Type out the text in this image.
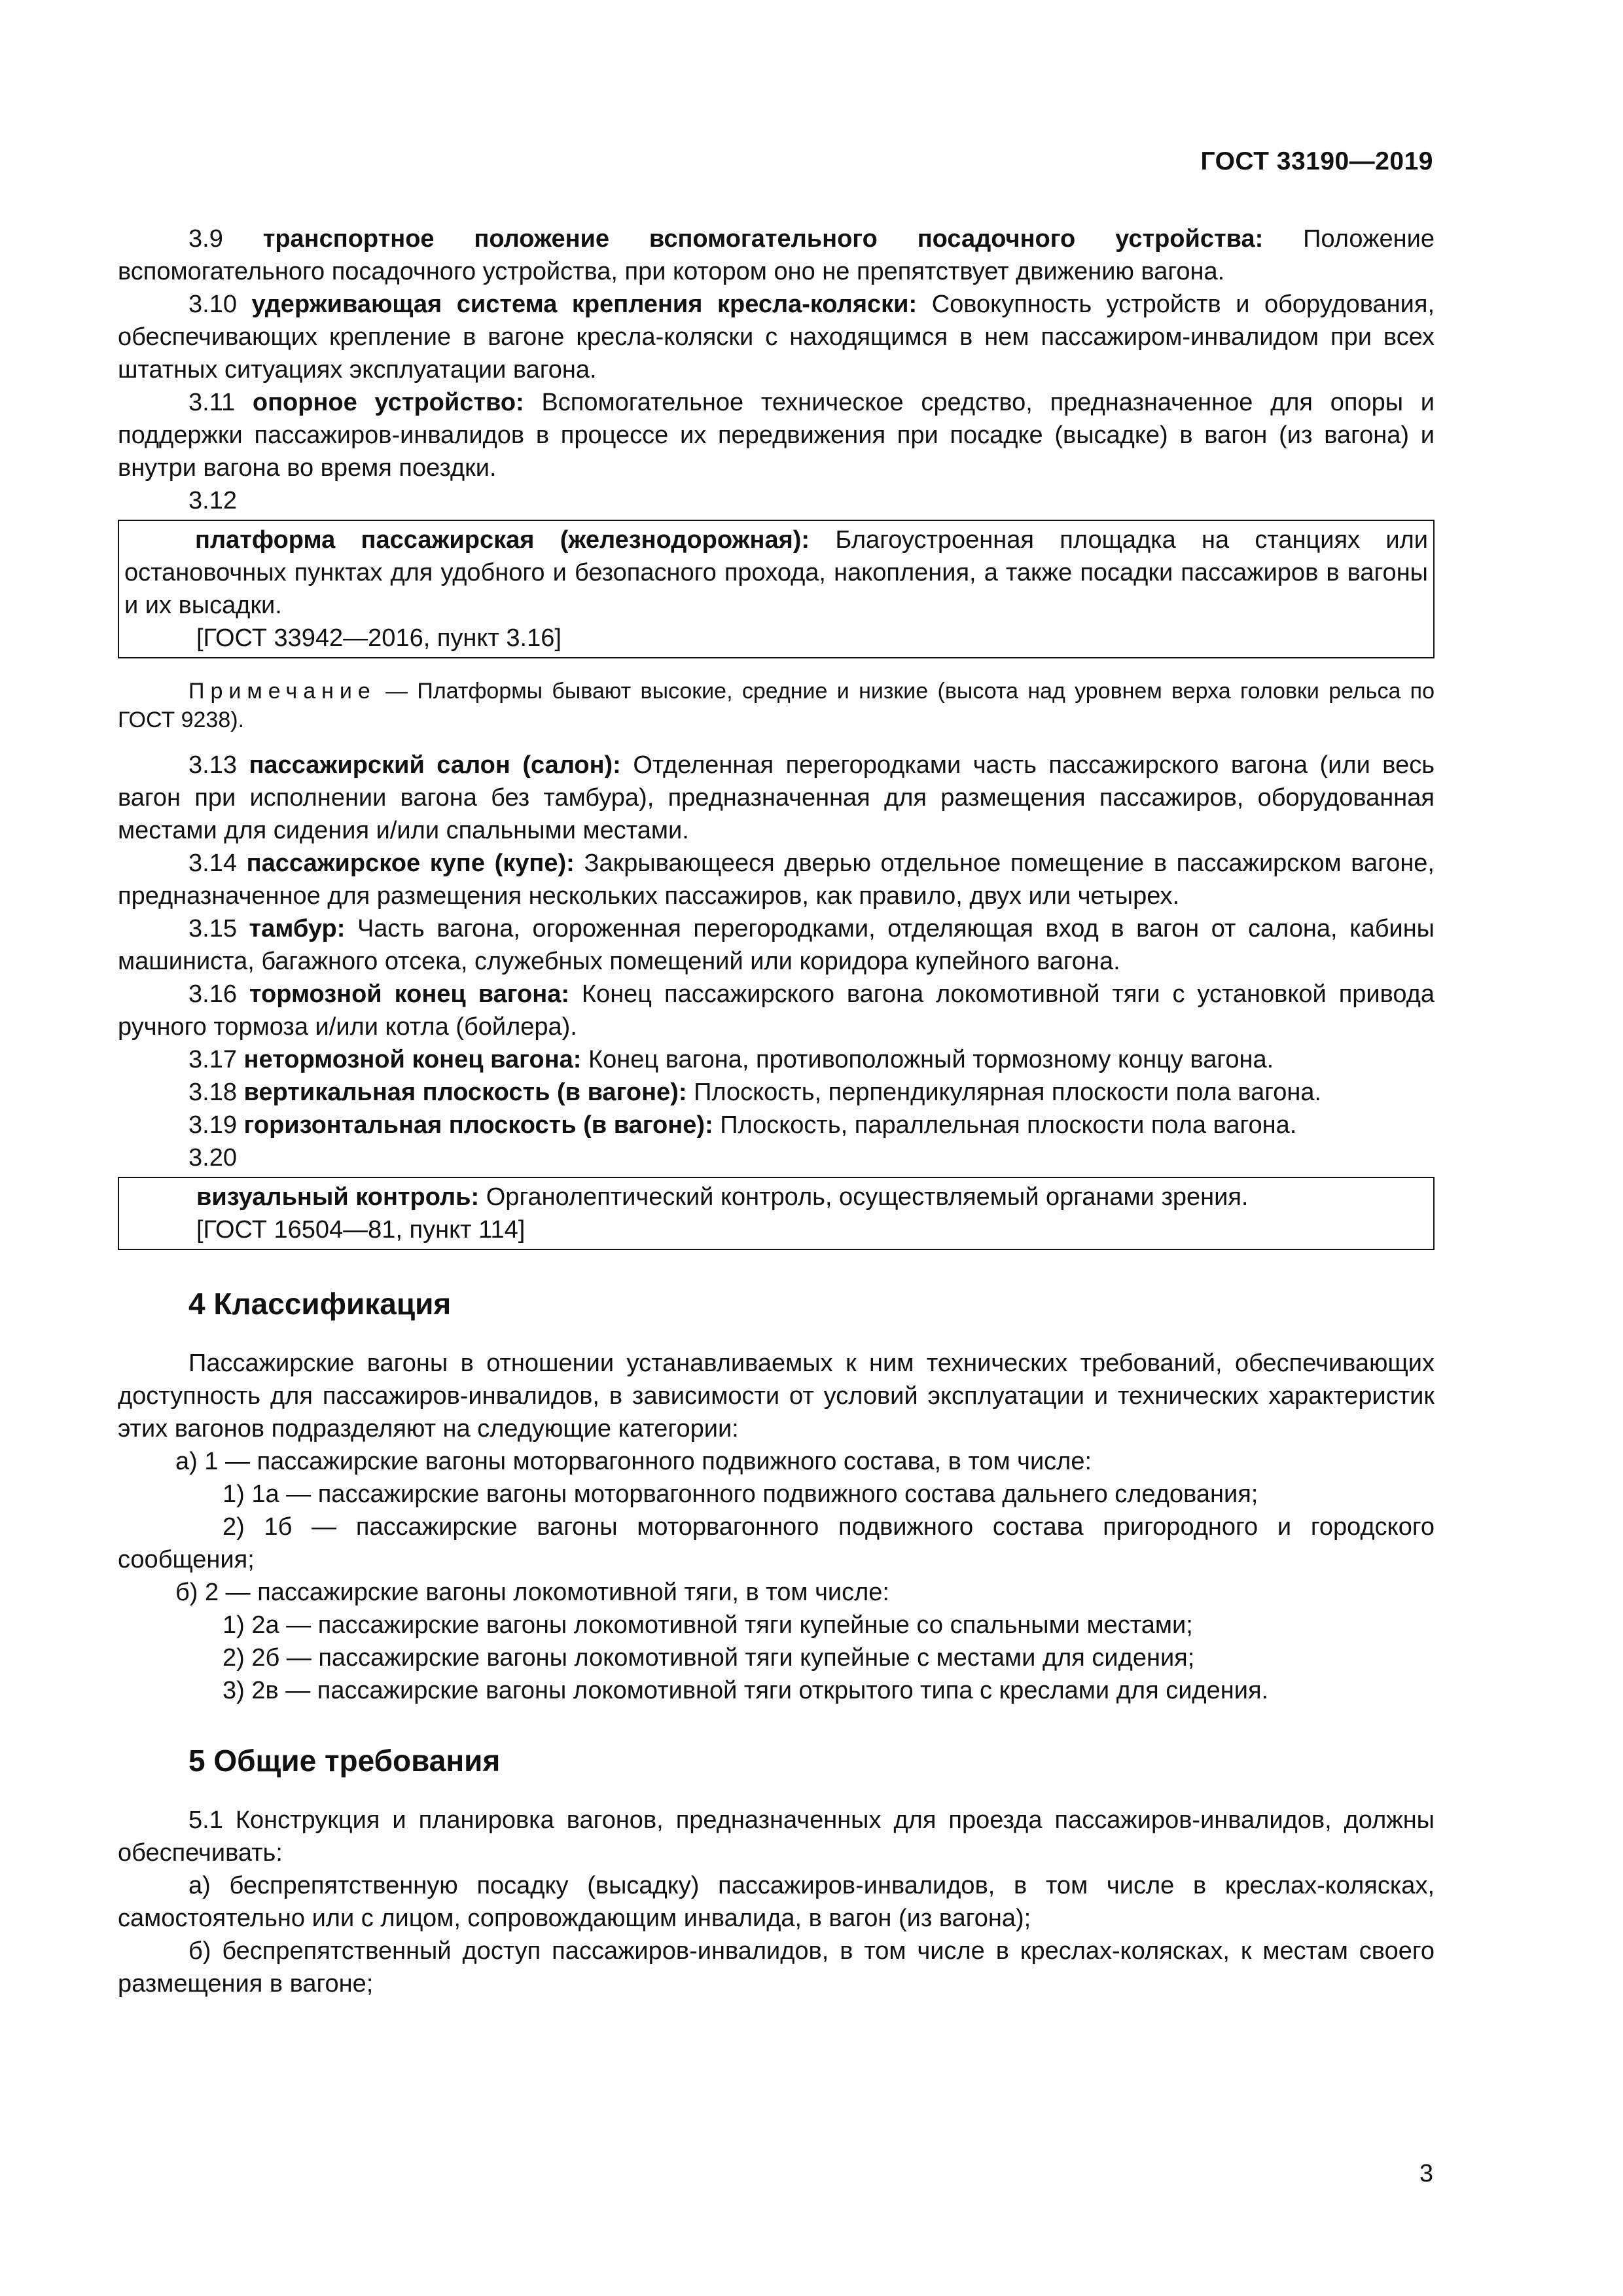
ГОСТ 33190—2019

3.9 транспортное положение вспомогательного посадочного устройства: Положение вспомогательного посадочного устройства, при котором оно не препятствует движению вагона.

3.10 удерживающая система крепления кресла-коляски: Совокупность устройств и оборудования, обеспечивающих крепление в вагоне кресла-коляски с находящимся в нем пассажиром-инвалидом при всех штатных ситуациях эксплуатации вагона.

3.11 опорное устройство: Вспомогательное техническое средство, предназначенное для опоры и поддержки пассажиров-инвалидов в процессе их передвижения при посадке (высадке) в вагон (из вагона) и внутри вагона во время поездки.

3.12

платформа пассажирская (железнодорожная): Благоустроенная площадка на станциях или остановочных пунктах для удобного и безопасного прохода, накопления, а также посадки пассажиров в вагоны и их высадки.

[ГОСТ 33942—2016, пункт 3.16]

Примечание — Платформы бывают высокие, средние и низкие (высота над уровнем верха головки рельса по ГОСТ 9238).

3.13 пассажирский салон (салон): Отделенная перегородками часть пассажирского вагона (или весь вагон при исполнении вагона без тамбура), предназначенная для размещения пассажиров, оборудованная местами для сидения и/или спальными местами.

3.14 пассажирское купе (купе): Закрывающееся дверью отдельное помещение в пассажирском вагоне, предназначенное для размещения нескольких пассажиров, как правило, двух или четырех.

3.15 тамбур: Часть вагона, огороженная перегородками, отделяющая вход в вагон от салона, кабины машиниста, багажного отсека, служебных помещений или коридора купейного вагона.

3.16 тормозной конец вагона: Конец пассажирского вагона локомотивной тяги с установкой привода ручного тормоза и/или котла (бойлера).

3.17 нетормозной конец вагона: Конец вагона, противоположный тормозному концу вагона.

3.18 вертикальная плоскость (в вагоне): Плоскость, перпендикулярная плоскости пола вагона.

3.19 горизонтальная плоскость (в вагоне): Плоскость, параллельная плоскости пола вагона.

3.20

визуальный контроль: Органолептический контроль, осуществляемый органами зрения.

[ГОСТ 16504—81, пункт 114]

4 Классификация

Пассажирские вагоны в отношении устанавливаемых к ним технических требований, обеспечивающих доступность для пассажиров-инвалидов, в зависимости от условий эксплуатации и технических характеристик этих вагонов подразделяют на следующие категории:

а) 1 — пассажирские вагоны моторвагонного подвижного состава, в том числе:

1) 1а — пассажирские вагоны моторвагонного подвижного состава дальнего следования;

2) 1б — пассажирские вагоны моторвагонного подвижного состава пригородного и городского сообщения;

б) 2 — пассажирские вагоны локомотивной тяги, в том числе:

1) 2а — пассажирские вагоны локомотивной тяги купейные со спальными местами;

2) 2б — пассажирские вагоны локомотивной тяги купейные с местами для сидения;

3) 2в — пассажирские вагоны локомотивной тяги открытого типа с креслами для сидения.

5 Общие требования

5.1 Конструкция и планировка вагонов, предназначенных для проезда пассажиров-инвалидов, должны обеспечивать:

а) беспрепятственную посадку (высадку) пассажиров-инвалидов, в том числе в креслах-колясках, самостоятельно или с лицом, сопровождающим инвалида, в вагон (из вагона);

б) беспрепятственный доступ пассажиров-инвалидов, в том числе в креслах-колясках, к местам своего размещения в вагоне;

3
